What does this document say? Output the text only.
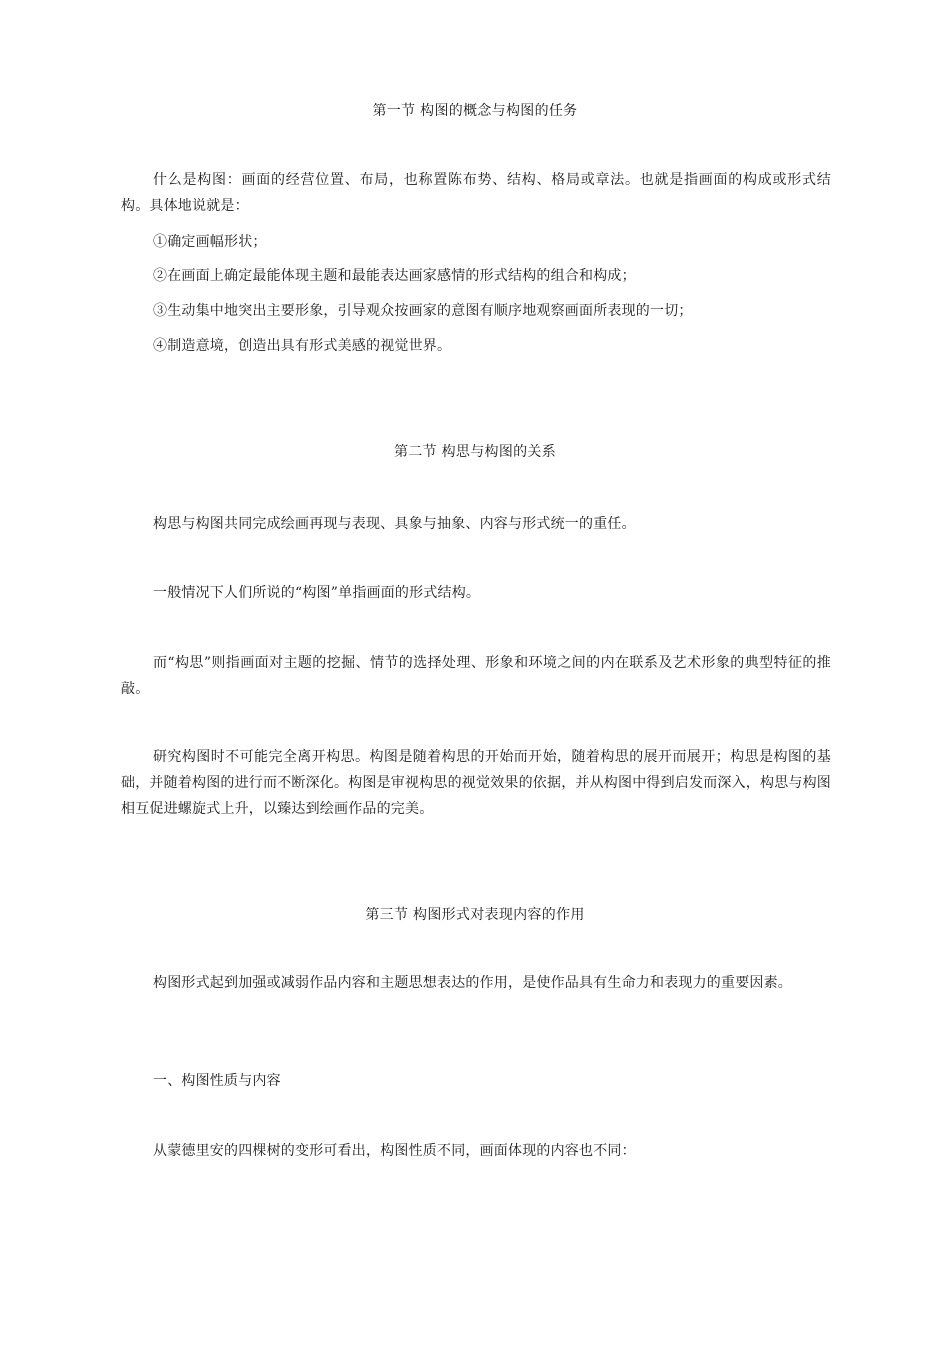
第一节 构图的概念与构图的任务
什么是构图：画面的经营位置、布局，也称置陈布势、结构、格局或章法。也就是指画面的构成或形式结构。具体地说就是：
①确定画幅形状；
②在画面上确定最能体现主题和最能表达画家感情的形式结构的组合和构成；
③生动集中地突出主要形象，引导观众按画家的意图有顺序地观察画面所表现的一切；
④制造意境，创造出具有形式美感的视觉世界。
第二节 构思与构图的关系
构思与构图共同完成绘画再现与表现、具象与抽象、内容与形式统一的重任。
一般情况下人们所说的“构图”单指画面的形式结构。
而“构思”则指画面对主题的挖掘、情节的选择处理、形象和环境之间的内在联系及艺术形象的典型特征的推敲。
研究构图时不可能完全离开构思。构图是随着构思的开始而开始，随着构思的展开而展开；构思是构图的基础，并随着构图的进行而不断深化。构图是审视构思的视觉效果的依据，并从构图中得到启发而深入，构思与构图相互促进螺旋式上升，以臻达到绘画作品的完美。
第三节 构图形式对表现内容的作用
构图形式起到加强或减弱作品内容和主题思想表达的作用，是使作品具有生命力和表现力的重要因素。
一、构图性质与内容
从蒙德里安的四棵树的变形可看出，构图性质不同，画面体现的内容也不同：
